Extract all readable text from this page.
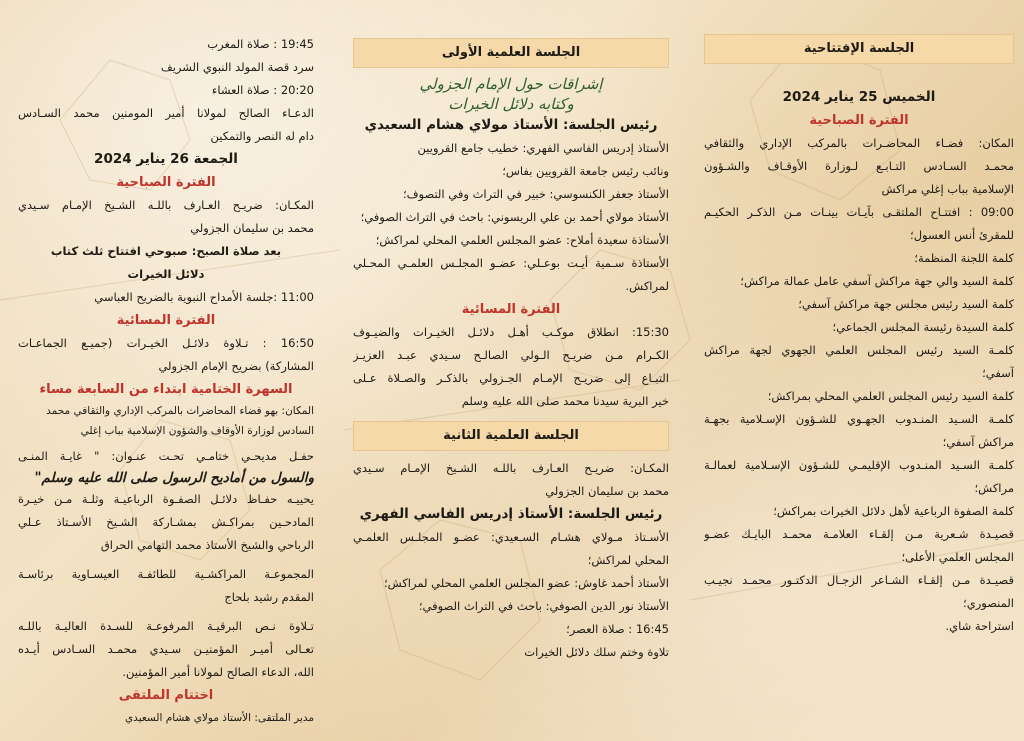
الجلسة الإفتتاحية
الخميس 25 يناير 2024
الفترة الصباحية
المكان: فضـاء المحاضـرات بالمركب الإداري والثقافي
محمـد السـادس التـابـع لـوزارة الأوقـاف والشـؤون
الإسلامية بباب إغلي مراكش
09:00 : افتتـاح الملتقـى بآيـات بينـات مـن الذكـر الحكيـم
للمقرئ أنس العسول؛
كلمة اللجنة المنظمة؛
كلمة السيد والي جهة مراكش آسفي عامل عمالة مراكش؛
كلمة السيد رئيس مجلس جهة مراكش آسفي؛
كلمة السيدة رئيسة المجلس الجماعي؛
كلمـة السيد رئيس المجلس العلمي الجهوي لجهة مراكش
آسفي؛
كلمة السيد رئيس المجلس العلمي المحلي بمراكش؛
كلمـة السـيد المنـدوب الجهـوي للشـؤون الإسـلامية بجهـة
مراكش آسفي؛
كلمـة السـيد المنـدوب الإقليمـي للشـؤون الإسـلامية لعمالـة
مراكش؛
كلمة الصفوة الرباعية لأهل دلائل الخيرات بمراكش؛
قصيـدة شـعرية مـن إلقـاء العلامـة محمـد البايـك عضـو
المجلس العلمي الأعلى؛
قصيـدة مـن إلقـاء الشـاعر الزجـال الدكتـور محمـد نجيـب
المنصوري؛
استراحة شاي.
الجلسة العلمية الأولى
إشراقات حول الإمام الجزولي
وكتابه دلائل الخيرات
رئيس الجلسة: الأستاذ مولاي هشام السعيدي
الأستاذ إدريس الفاسي الفهري: خطيب جامع القرويين
ونائب رئيس جامعة القرويين بفاس؛
الأستاذ جعفر الكنسوسي: خبير في التراث وفي التصوف؛
الأستاذ مولاي أحمد بن علي الريسوني: باحث في التراث الصوفي؛
الأستاذة سعيدة أملاح: عضو المجلس العلمي المحلي لمراكش؛
الأستاذة سـمية أيـت بوعـلي: عضـو المجلـس العلمـي المحـلي
لمراكش.
الفترة المسائية
15:30: انطلاق موكـب أهـل دلائـل الخيـرات والضيـوف
الكـرام مـن ضريـح الـولي الصالـح سـيدي عبـد العزيـز
التبـاع إلى ضريـح الإمـام الجـزولي بالذكـر والصـلاة عـلى
خير البرية سيدنا محمد صلى الله عليه وسلم
الجلسة العلمية الثانية
المكـان: ضريـح العـارف باللـه الشـيخ الإمـام سـيدي
محمد بن سليمان الجزولي
رئيس الجلسة: الأستاذ إدريس الفاسي الفهري
الأسـتاذ مـولاي هشـام السـعيدي: عضـو المجلـس العلمـي
المحلي لمراكش؛
الأستاذ أحمد غاوش: عضو المجلس العلمي المحلي لمراكش؛
الأستاذ نور الدين الصوفي: باحث في التراث الصوفي؛
16:45 : صلاة العصر؛
تلاوة وختم سلك دلائل الخيرات
19:45 : صلاة المغرب
سرد قصة المولد النبوي الشريف
20:20 : صلاة العشاء
الدعـاء الصالح لمولانا أمير المومنين محمد السـادس
دام له النصر والتمكين
الجمعة 26 يناير 2024
الفترة الصباحية
المكـان: ضريـح العـارف باللـه الشـيخ الإمـام سـيدي
محمد بن سليمان الجزولي
بعد صلاة الصبح: صبوحي افتتاح ثلث كتاب
دلائل الخيرات
11:00 :جلسة الأمداح النبوية بالضريح العباسي
الفترة المسائية
16:50 : تـلاوة دلائـل الخيـرات (جميـع الجماعـات
المشاركة) بضريح الإمام الجزولي
السهرة الختامية ابتداء من السابعة مساء
المكان: بهو فضاء المحاضرات بالمركب الإداري والثقافي محمد
السادس لوزارة الأوقاف والشؤون الإسلامية بباب إغلي
حفـل مديحـي ختامـي تحـت عنـوان: " غايـة المنـى
والسول من أماديح الرسول صلى الله عليه وسلم"
يحييـه حفـاظ دلائـل الصفـوة الرباعيـة وثلـة مـن خيـرة
المادحـين بمراكـش بمشـاركة الشـيخ الأسـتاذ عـلي
الرباحي والشيخ الأستاذ محمد التهامي الحراق
المجموعـة المراكشـية للطائفـة العيسـاوية برئاسـة
المقدم رشيد بلحاج
تـلاوة نـص البرقيـة المرفوعـة للسـدة العاليـة باللـه
تعـالى أميـر المؤمنيـن سـيدي محمـد السـادس أيـده
الله، الدعاء الصالح لمولانا أمير المؤمنين.
اختتام الملتقى
مدير الملتقى: الأستاذ مولاي هشام السعيدي
